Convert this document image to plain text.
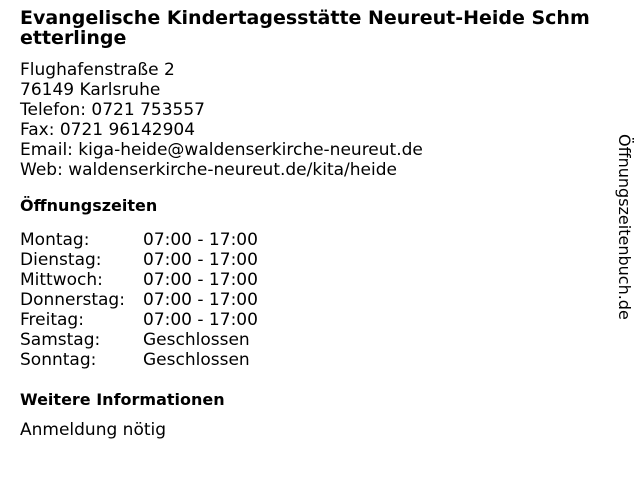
Evangelische Kindertagesstätte Neureut-Heide Schmetterlinge
Flughafenstraße 2
76149 Karlsruhe
Telefon: 0721 753557
Fax: 0721 96142904
Email: kiga-heide@waldenserkirche-neureut.de
Web: waldenserkirche-neureut.de/kita/heide
Öffnungszeiten
Montag:	07:00 - 17:00
Dienstag:	07:00 - 17:00
Mittwoch:	07:00 - 17:00
Donnerstag:	07:00 - 17:00
Freitag:	07:00 - 17:00
Samstag:	Geschlossen
Sonntag:	Geschlossen
Weitere Informationen
Anmeldung nötig
Öffnungszeitenbuch.de
